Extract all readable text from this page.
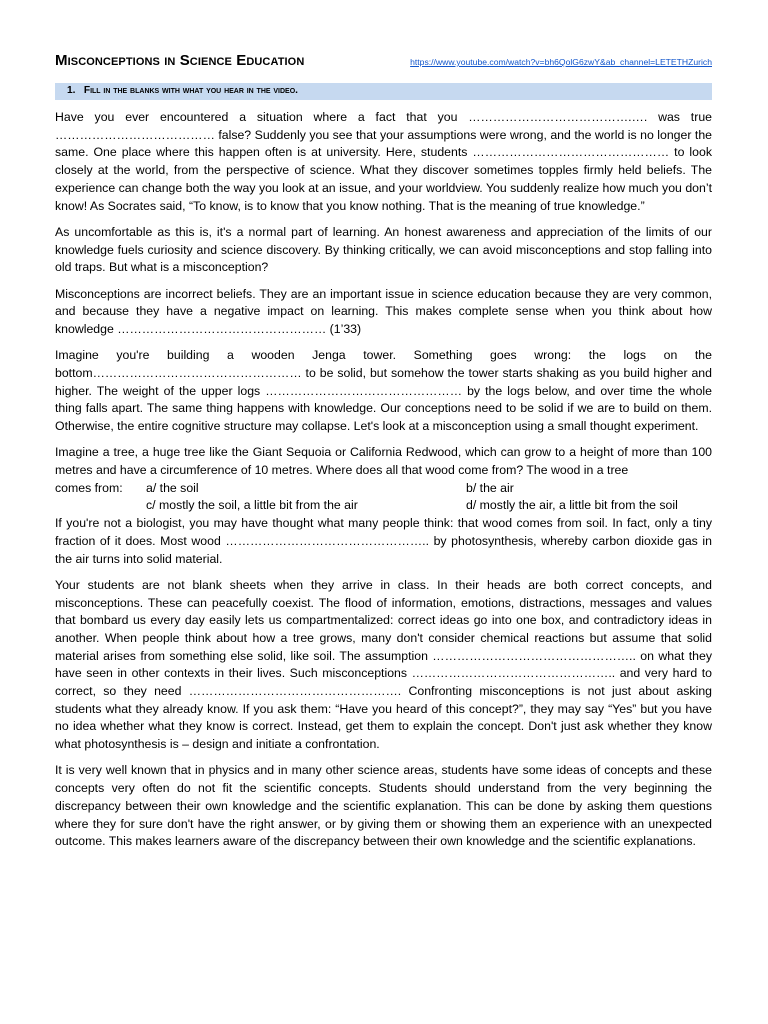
Misconceptions in Science Education	https://www.youtube.com/watch?v=bh6QolG6zwY&ab_channel=LETETHZurich
1. Fill in the blanks with what you hear in the video.
Have you ever encountered a situation where a fact that you ………………………………….…. was true ………………………………… false? Suddenly you see that your assumptions were wrong, and the world is no longer the same. One place where this happen often is at university. Here, students ………………………………………… to look closely at the world, from the perspective of science. What they discover sometimes topples firmly held beliefs. The experience can change both the way you look at an issue, and your worldview. You suddenly realize how much you don’t know! As Socrates said, “To know, is to know that you know nothing. That is the meaning of true knowledge.”
As uncomfortable as this is, it's a normal part of learning. An honest awareness and appreciation of the limits of our knowledge fuels curiosity and science discovery. By thinking critically, we can avoid misconceptions and stop falling into old traps. But what is a misconception?
Misconceptions are incorrect beliefs. They are an important issue in science education because they are very common, and because they have a negative impact on learning. This makes complete sense when you think about how knowledge …………………………………………… (1’33)
Imagine you're building a wooden Jenga tower. Something goes wrong: the logs on the bottom…………………………………………… to be solid, but somehow the tower starts shaking as you build higher and higher. The weight of the upper logs ………………………………………… by the logs below, and over time the whole thing falls apart. The same thing happens with knowledge. Our conceptions need to be solid if we are to build on them. Otherwise, the entire cognitive structure may collapse. Let's look at a misconception using a small thought experiment.
Imagine a tree, a huge tree like the Giant Sequoia or California Redwood, which can grow to a height of more than 100 metres and have a circumference of 10 metres. Where does all that wood come from? The wood in a tree
comes from:	a/ the soil	b/ the air
c/ mostly the soil, a little bit from the air	d/ mostly the air, a little bit from the soil
If you're not a biologist, you may have thought what many people think: that wood comes from soil. In fact, only a tiny fraction of it does. Most wood ………………………………………….. by photosynthesis, whereby carbon dioxide gas in the air turns into solid material.
Your students are not blank sheets when they arrive in class. In their heads are both correct concepts, and misconceptions. These can peacefully coexist. The flood of information, emotions, distractions, messages and values that bombard us every day easily lets us compartmentalized: correct ideas go into one box, and contradictory ideas in another. When people think about how a tree grows, many don't consider chemical reactions but assume that solid material arises from something else solid, like soil. The assumption ………………………………………….. on what they have seen in other contexts in their lives. Such misconceptions ………………………………………….. and very hard to correct, so they need ……………………………………………. Confronting misconceptions is not just about asking students what they already know. If you ask them: “Have you heard of this concept?”, they may say “Yes” but you have no idea whether what they know is correct. Instead, get them to explain the concept. Don't just ask whether they know what photosynthesis is – design and initiate a confrontation.
It is very well known that in physics and in many other science areas, students have some ideas of concepts and these concepts very often do not fit the scientific concepts. Students should understand from the very beginning the discrepancy between their own knowledge and the scientific explanation. This can be done by asking them questions where they for sure don't have the right answer, or by giving them or showing them an experience with an unexpected outcome. This makes learners aware of the discrepancy between their own knowledge and the scientific explanations.
